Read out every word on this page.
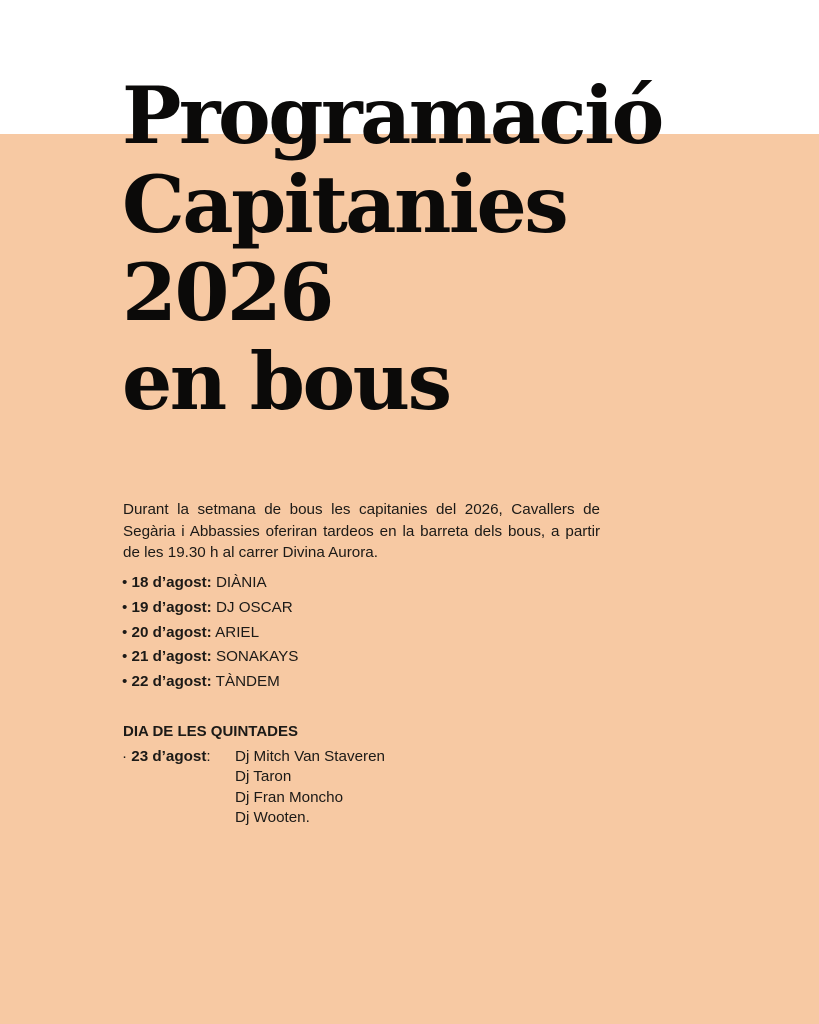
Programació
Capitanies
2026
en bous

Durant la setmana de bous les capitanies del 2026, Cavallers de Segària i Abbassies oferiran tardeos en la barreta dels bous, a partir de les 19.30 h al carrer Divina Aurora.

• 18 d’agost: DIÀNIA
• 19 d’agost: DJ OSCAR
• 20 d’agost: ARIEL
• 21 d’agost: SONAKAYS
• 22 d’agost: TÀNDEM
DIA DE LES QUINTADES
· 23 d’agost: Dj Mitch Van Staveren
Dj Taron
Dj Fran Moncho
Dj Wooten.
